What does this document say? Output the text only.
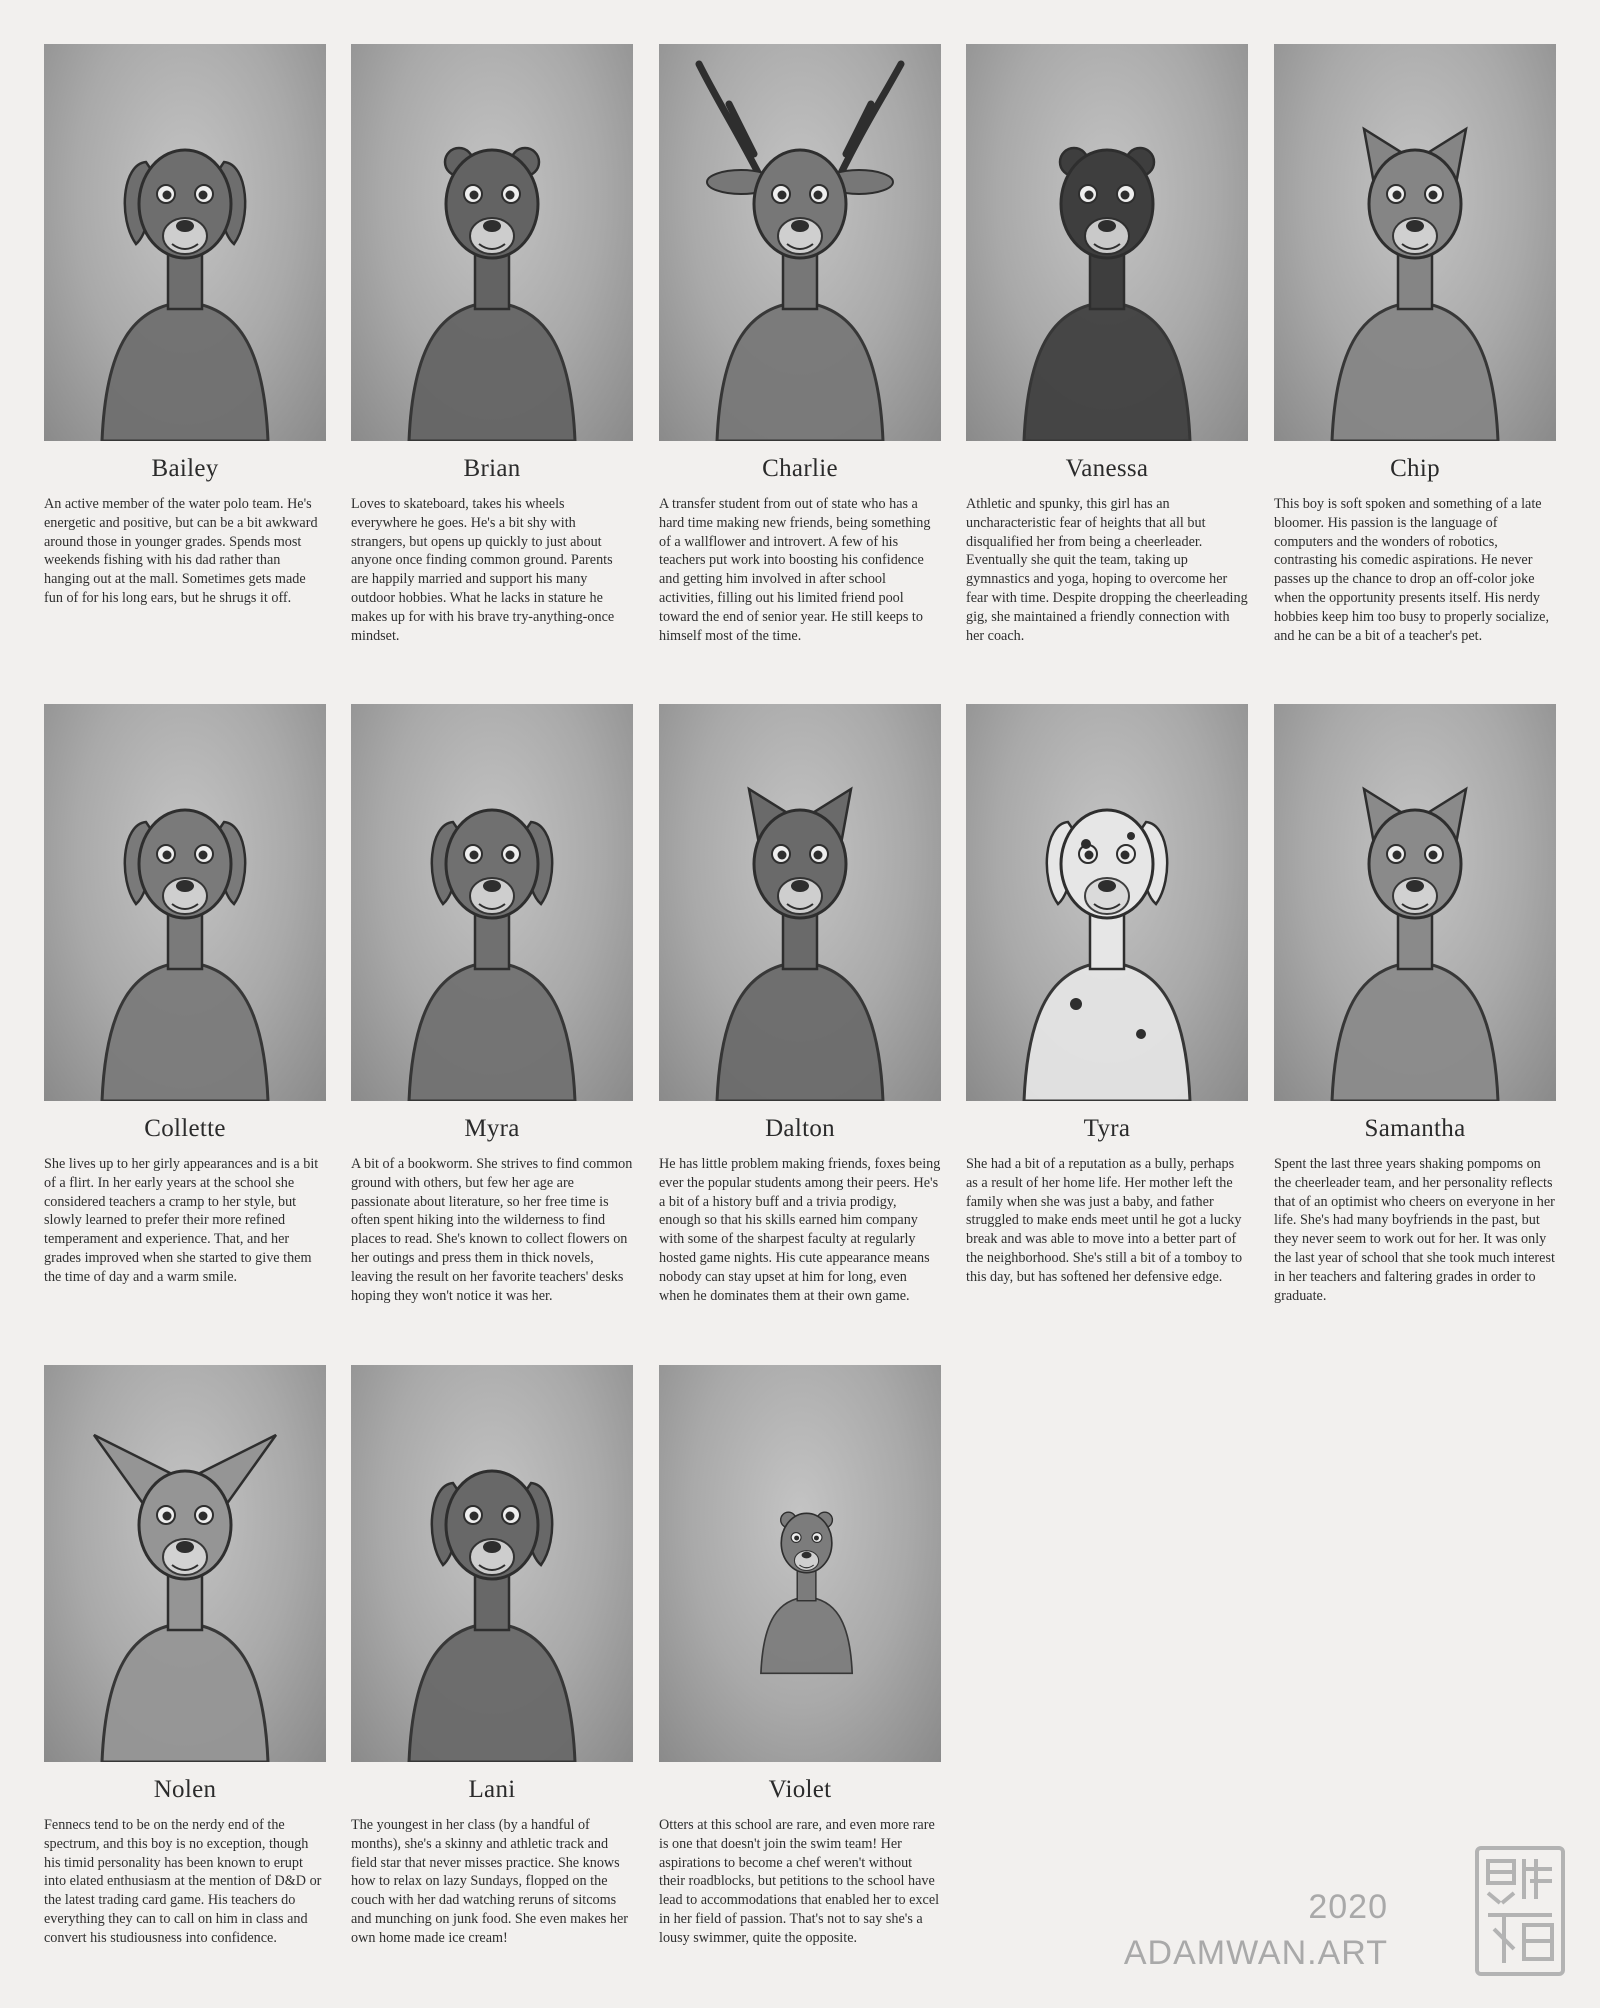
Bailey
An active member of the water polo team. He's energetic and positive, but can be a bit awkward around those in younger grades. Spends most weekends fishing with his dad rather than hanging out at the mall. Sometimes gets made fun of for his long ears, but he shrugs it off.
Brian
Loves to skateboard, takes his wheels everywhere he goes. He's a bit shy with strangers, but opens up quickly to just about anyone once finding common ground. Parents are happily married and support his many outdoor hobbies. What he lacks in stature he makes up for with his brave try-anything-once mindset.
Charlie
A transfer student from out of state who has a hard time making new friends, being something of a wallflower and introvert. A few of his teachers put work into boosting his confidence and getting him involved in after school activities, filling out his limited friend pool toward the end of senior year. He still keeps to himself most of the time.
Vanessa
Athletic and spunky, this girl has an uncharacteristic fear of heights that all but disqualified her from being a cheerleader. Eventually she quit the team, taking up gymnastics and yoga, hoping to overcome her fear with time. Despite dropping the cheerleading gig, she maintained a friendly connection with her coach.
Chip
This boy is soft spoken and something of a late bloomer. His passion is the language of computers and the wonders of robotics, contrasting his comedic aspirations. He never passes up the chance to drop an off-color joke when the opportunity presents itself. His nerdy hobbies keep him too busy to properly socialize, and he can be a bit of a teacher's pet.
Collette
She lives up to her girly appearances and is a bit of a flirt. In her early years at the school she considered teachers a cramp to her style, but slowly learned to prefer their more refined temperament and experience. That, and her grades improved when she started to give them the time of day and a warm smile.
Myra
A bit of a bookworm. She strives to find common ground with others, but few her age are passionate about literature, so her free time is often spent hiking into the wilderness to find places to read. She's known to collect flowers on her outings and press them in thick novels, leaving the result on her favorite teachers' desks hoping they won't notice it was her.
Dalton
He has little problem making friends, foxes being ever the popular students among their peers. He's a bit of a history buff and a trivia prodigy, enough so that his skills earned him company with some of the sharpest faculty at regularly hosted game nights. His cute appearance means nobody can stay upset at him for long, even when he dominates them at their own game.
Tyra
She had a bit of a reputation as a bully, perhaps as a result of her home life. Her mother left the family when she was just a baby, and father struggled to make ends meet until he got a lucky break and was able to move into a better part of the neighborhood. She's still a bit of a tomboy to this day, but has softened her defensive edge.
Samantha
Spent the last three years shaking pompoms on the cheerleader team, and her personality reflects that of an optimist who cheers on everyone in her life. She's had many boyfriends in the past, but they never seem to work out for her. It was only the last year of school that she took much interest in her teachers and faltering grades in order to graduate.
Nolen
Fennecs tend to be on the nerdy end of the spectrum, and this boy is no exception, though his timid personality has been known to erupt into elated enthusiasm at the mention of D&D or the latest trading card game. His teachers do everything they can to call on him in class and convert his studiousness into confidence.
Lani
The youngest in her class (by a handful of months), she's a skinny and athletic track and field star that never misses practice. She knows how to relax on lazy Sundays, flopped on the couch with her dad watching reruns of sitcoms and munching on junk food. She even makes her own home made ice cream!
Violet
Otters at this school are rare, and even more rare is one that doesn't join the swim team! Her aspirations to become a chef weren't without their roadblocks, but petitions to the school have lead to accommodations that enabled her to excel in her field of passion. That's not to say she's a lousy swimmer, quite the opposite.
2020
ADAMWAN.ART
